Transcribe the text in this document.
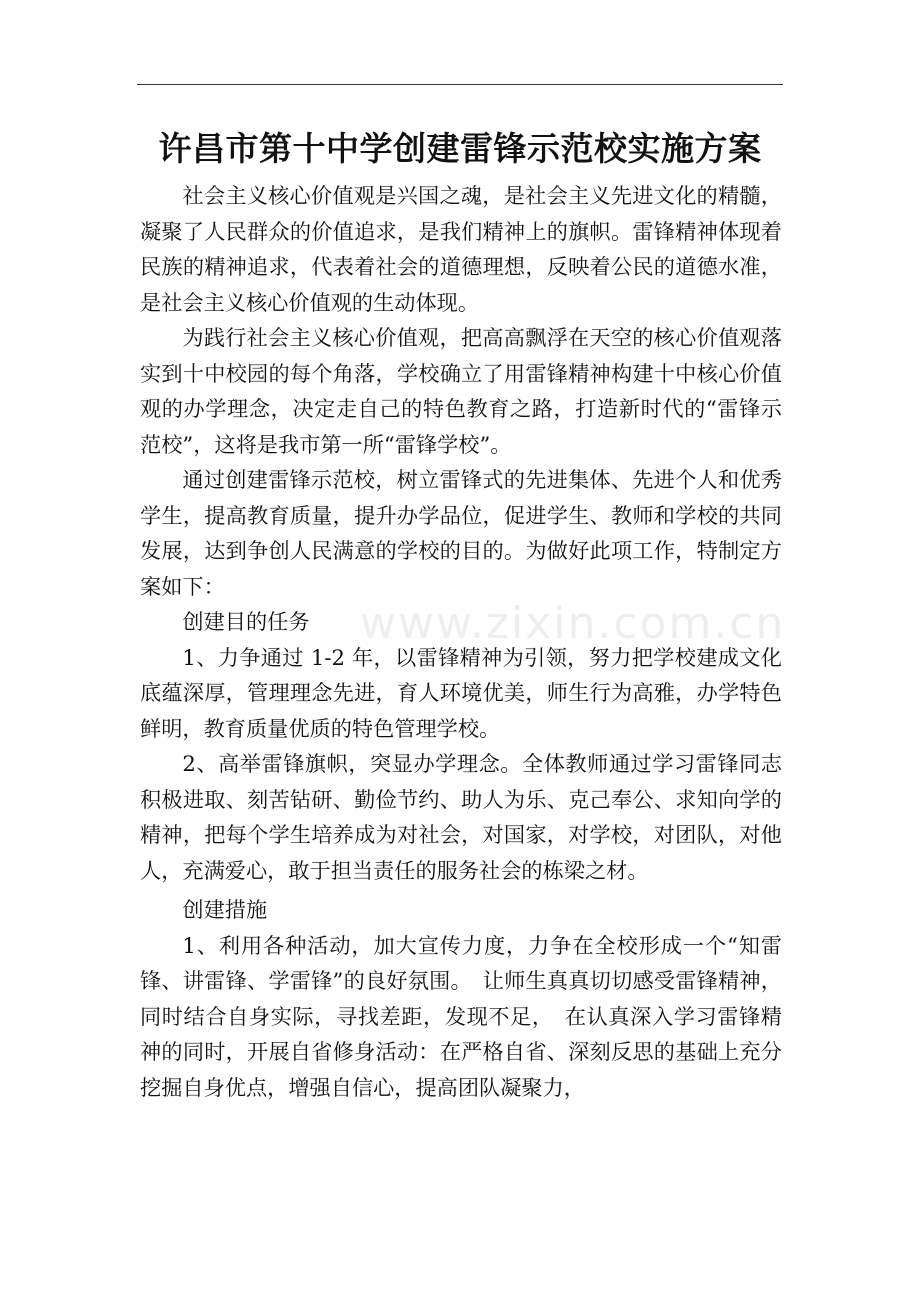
许昌市第十中学创建雷锋示范校实施方案

社会主义核心价值观是兴国之魂，是社会主义先进文化的精髓，凝聚了人民群众的价值追求，是我们精神上的旗帜。雷锋精神体现着民族的精神追求，代表着社会的道德理想，反映着公民的道德水准，是社会主义核心价值观的生动体现。

为践行社会主义核心价值观，把高高飘浮在天空的核心价值观落实到十中校园的每个角落，学校确立了用雷锋精神构建十中核心价值观的办学理念，决定走自己的特色教育之路，打造新时代的“雷锋示范校”，这将是我市第一所“雷锋学校”。

通过创建雷锋示范校，树立雷锋式的先进集体、先进个人和优秀学生，提高教育质量，提升办学品位，促进学生、教师和学校的共同发展，达到争创人民满意的学校的目的。为做好此项工作，特制定方案如下：

创建目的任务

1、力争通过 1-2 年，以雷锋精神为引领，努力把学校建成文化底蕴深厚，管理理念先进，育人环境优美，师生行为高雅，办学特色鲜明，教育质量优质的特色管理学校。

2、高举雷锋旗帜，突显办学理念。全体教师通过学习雷锋同志积极进取、刻苦钻研、勤俭节约、助人为乐、克己奉公、求知向学的精神，把每个学生培养成为对社会，对国家，对学校，对团队，对他人，充满爱心，敢于担当责任的服务社会的栋梁之材。

创建措施

1、利用各种活动，加大宣传力度，力争在全校形成一个“知雷锋、讲雷锋、学雷锋”的良好氛围。　让师生真真切切感受雷锋精神，同时结合自身实际，寻找差距，发现不足，　在认真深入学习雷锋精神的同时，开展自省修身活动：在严格自省、深刻反思的基础上充分挖掘自身优点，增强自信心，提高团队凝聚力，

www.zixin.com.cn
